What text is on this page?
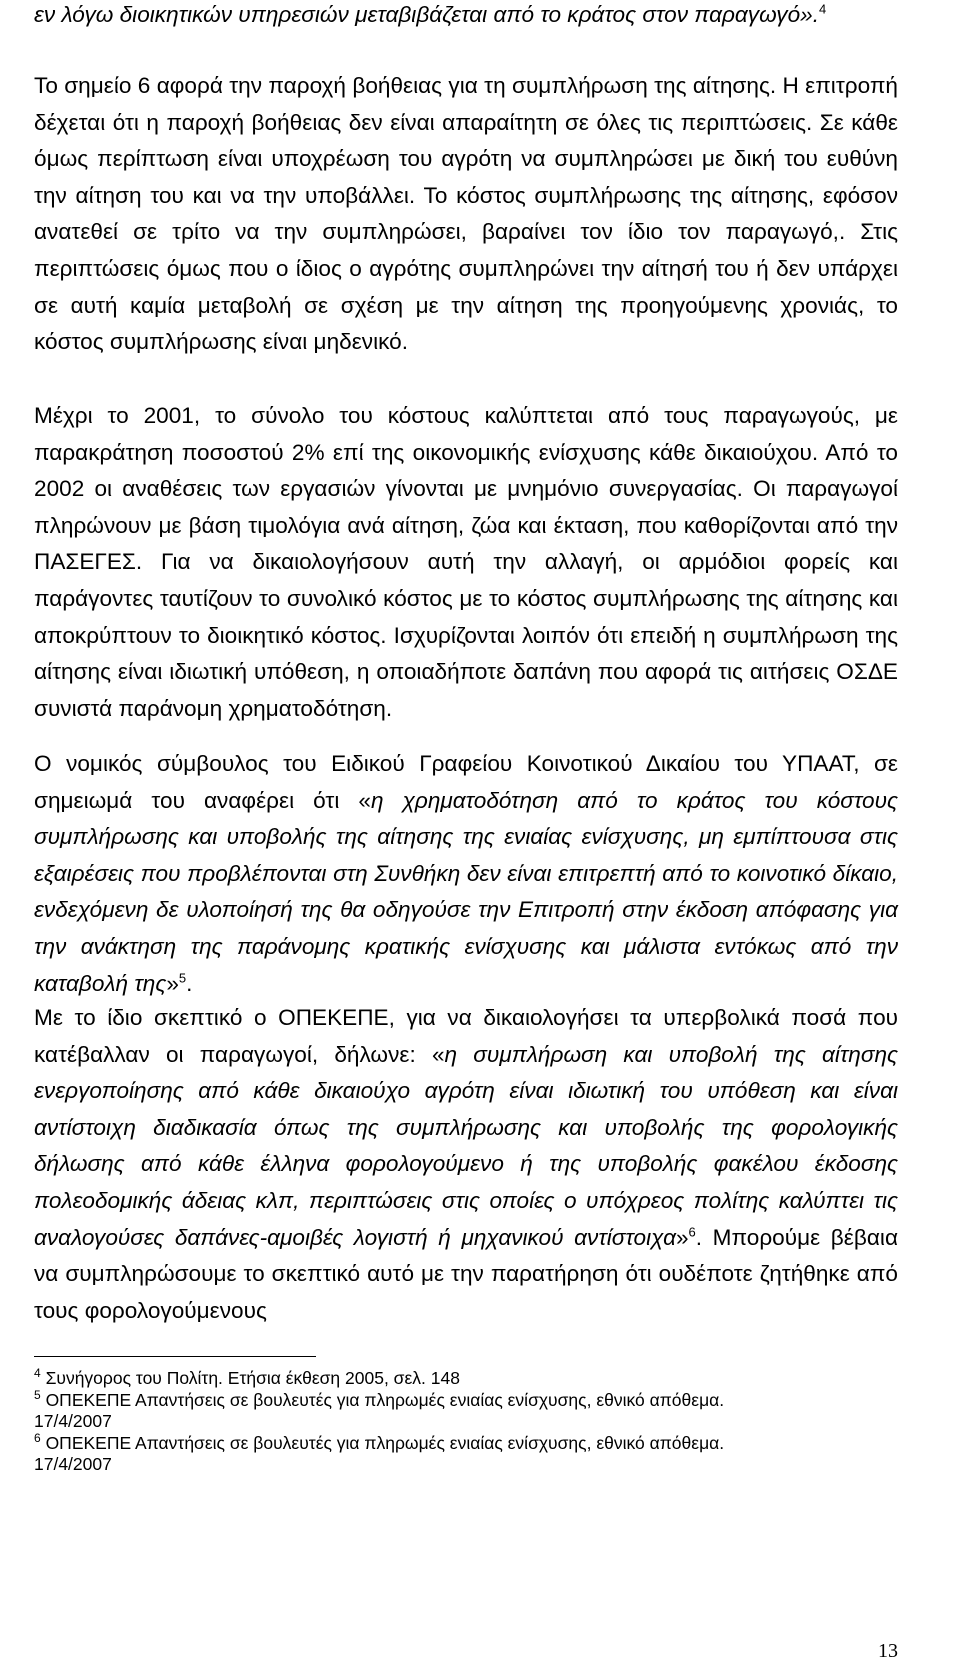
εν λόγω διοικητικών υπηρεσιών μεταβιβάζεται από το κράτος στον παραγωγό».$^4$

Το σημείο 6 αφορά την παροχή βοήθειας για τη συμπλήρωση της αίτησης. Η επιτροπή δέχεται ότι η παροχή βοήθειας δεν είναι απαραίτητη σε όλες τις περιπτώσεις. Σε κάθε όμως περίπτωση είναι υποχρέωση του αγρότη να συμπληρώσει με δική του ευθύνη την αίτηση του και να την υποβάλλει. Το κόστος συμπλήρωσης της αίτησης, εφόσον ανατεθεί σε τρίτο να την συμπληρώσει, βαραίνει τον ίδιο τον παραγωγό,. Στις περιπτώσεις όμως που ο ίδιος ο αγρότης συμπληρώνει την αίτησή του ή δεν υπάρχει σε αυτή καμία μεταβολή σε σχέση με την αίτηση της προηγούμενης χρονιάς, το κόστος συμπλήρωσης είναι μηδενικό.

Μέχρι το 2001, το σύνολο του κόστους καλύπτεται από τους παραγωγούς, με παρακράτηση ποσοστού 2% επί της οικονομικής ενίσχυσης κάθε δικαιούχου. Από το 2002 οι αναθέσεις των εργασιών γίνονται με μνημόνιο συνεργασίας. Οι παραγωγοί πληρώνουν με βάση τιμολόγια ανά αίτηση, ζώα και έκταση, που καθορίζονται από την ΠΑΣΕΓΕΣ. Για να δικαιολογήσουν αυτή την αλλαγή, οι αρμόδιοι φορείς και παράγοντες ταυτίζουν το συνολικό κόστος με το κόστος συμπλήρωσης της αίτησης και αποκρύπτουν το διοικητικό κόστος. Ισχυρίζονται λοιπόν ότι επειδή η συμπλήρωση της αίτησης είναι ιδιωτική υπόθεση, η οποιαδήποτε δαπάνη που αφορά τις αιτήσεις ΟΣΔΕ συνιστά παράνομη χρηματοδότηση.

Ο νομικός σύμβουλος του Ειδικού Γραφείου Κοινοτικού Δικαίου του ΥΠΑΑΤ, σε σημειωμά του αναφέρει ότι «η χρηματοδότηση από το κράτος του κόστους συμπλήρωσης και υποβολής της αίτησης της ενιαίας ενίσχυσης, μη εμπίπτουσα στις εξαιρέσεις που προβλέπονται στη Συνθήκη δεν είναι επιτρεπτή από το κοινοτικό δίκαιο, ενδεχόμενη δε υλοποίησή της θα οδηγούσε την Επιτροπή στην έκδοση απόφασης για την ανάκτηση της παράνομης κρατικής ενίσχυσης και μάλιστα εντόκως από την καταβολή της»$^5$.

Με το ίδιο σκεπτικό ο ΟΠΕΚΕΠΕ, για να δικαιολογήσει τα υπερβολικά ποσά που κατέβαλλαν οι παραγωγοί, δήλωνε: «η συμπλήρωση και υποβολή της αίτησης ενεργοποίησης από κάθε δικαιούχο αγρότη είναι ιδιωτική του υπόθεση και είναι αντίστοιχη διαδικασία όπως της συμπλήρωσης και υποβολής της φορολογικής δήλωσης από κάθε έλληνα φορολογούμενο ή της υποβολής φακέλου έκδοσης πολεοδομικής άδειας κλπ, περιπτώσεις στις οποίες ο υπόχρεος πολίτης καλύπτει τις αναλογούσες δαπάνες-αμοιβές λογιστή ή μηχανικού αντίστοιχα»$^6$. Μπορούμε βέβαια να συμπληρώσουμε το σκεπτικό αυτό με την παρατήρηση ότι ουδέποτε ζητήθηκε από τους φορολογούμενους

$^4$ Συνήγορος του Πολίτη. Ετήσια έκθεση 2005, σελ. 148

$^5$ ΟΠΕΚΕΠΕ Απαντήσεις σε βουλευτές για πληρωμές ενιαίας ενίσχυσης, εθνικό απόθεμα.
17/4/2007

$^6$ ΟΠΕΚΕΠΕ Απαντήσεις σε βουλευτές για πληρωμές ενιαίας ενίσχυσης, εθνικό απόθεμα.
17/4/2007

13
